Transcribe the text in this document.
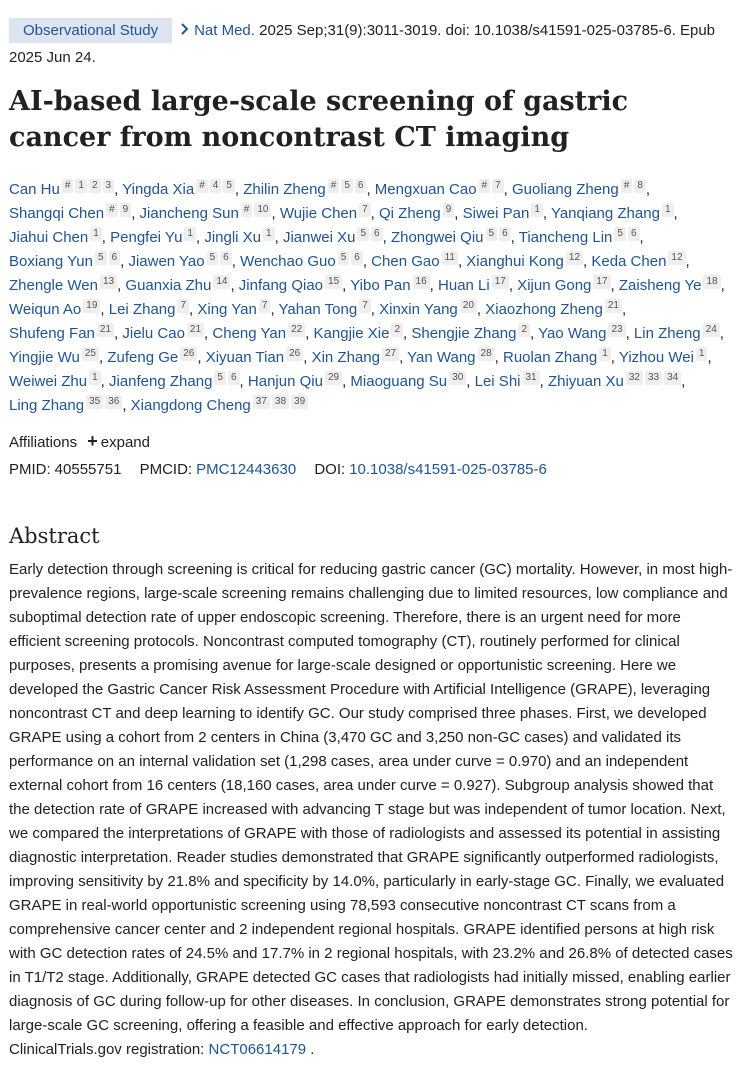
Observational Study Nat Med. 2025 Sep;31(9):3011-3019. doi: 10.1038/s41591-025-03785-6. Epub 2025 Jun 24.
AI-based large-scale screening of gastric cancer from noncontrast CT imaging
Can Hu # 1 2 3 , Yingda Xia # 4 5 , Zhilin Zheng # 5 6 , Mengxuan Cao # 7 , Guoliang Zheng # 8 , Shangqi Chen # 9 , Jiancheng Sun # 10 , Wujie Chen 7 , Qi Zheng 9 , Siwei Pan 1 , Yanqiang Zhang 1 , Jiahui Chen 1 , Pengfei Yu 1 , Jingli Xu 1 , Jianwei Xu 5 6 , Zhongwei Qiu 5 6 , Tiancheng Lin 5 6 , Boxiang Yun 5 6 , Jiawen Yao 5 6 , Wenchao Guo 5 6 , Chen Gao 11 , Xianghui Kong 12 , Keda Chen 12 , Zhengle Wen 13 , Guanxia Zhu 14 , Jinfang Qiao 15 , Yibo Pan 16 , Huan Li 17 , Xijun Gong 17 , Zaisheng Ye 18 , Weiqun Ao 19 , Lei Zhang 7 , Xing Yan 7 , Yahan Tong 7 , Xinxin Yang 20 , Xiaozhong Zheng 21 , Shufeng Fan 21 , Jielu Cao 21 , Cheng Yan 22 , Kangjie Xie 2 , Shengjie Zhang 2 , Yao Wang 23 , Lin Zheng 24 , Yingjie Wu 25 , Zufeng Ge 26 , Xiyuan Tian 26 , Xin Zhang 27 , Yan Wang 28 , Ruolan Zhang 1 , Yizhou Wei 1 , Weiwei Zhu 1 , Jianfeng Zhang 5 6 , Hanjun Qiu 29 , Miaoguang Su 30 , Lei Shi 31 , Zhiyuan Xu 32 33 34 , Ling Zhang 35 36 , Xiangdong Cheng 37 38 39
Affiliations + expand
PMID: 40555751 PMCID: PMC12443630 DOI: 10.1038/s41591-025-03785-6
Abstract

Early detection through screening is critical for reducing gastric cancer (GC) mortality. However, in most high-prevalence regions, large-scale screening remains challenging due to limited resources, low compliance and suboptimal detection rate of upper endoscopic screening. Therefore, there is an urgent need for more efficient screening protocols. Noncontrast computed tomography (CT), routinely performed for clinical purposes, presents a promising avenue for large-scale designed or opportunistic screening. Here we developed the Gastric Cancer Risk Assessment Procedure with Artificial Intelligence (GRAPE), leveraging noncontrast CT and deep learning to identify GC. Our study comprised three phases. First, we developed GRAPE using a cohort from 2 centers in China (3,470 GC and 3,250 non-GC cases) and validated its performance on an internal validation set (1,298 cases, area under curve = 0.970) and an independent external cohort from 16 centers (18,160 cases, area under curve = 0.927). Subgroup analysis showed that the detection rate of GRAPE increased with advancing T stage but was independent of tumor location. Next, we compared the interpretations of GRAPE with those of radiologists and assessed its potential in assisting diagnostic interpretation. Reader studies demonstrated that GRAPE significantly outperformed radiologists, improving sensitivity by 21.8% and specificity by 14.0%, particularly in early-stage GC. Finally, we evaluated GRAPE in real-world opportunistic screening using 78,593 consecutive noncontrast CT scans from a comprehensive cancer center and 2 independent regional hospitals. GRAPE identified persons at high risk with GC detection rates of 24.5% and 17.7% in 2 regional hospitals, with 23.2% and 26.8% of detected cases in T1/T2 stage. Additionally, GRAPE detected GC cases that radiologists had initially missed, enabling earlier diagnosis of GC during follow-up for other diseases. In conclusion, GRAPE demonstrates strong potential for large-scale GC screening, offering a feasible and effective approach for early detection.
ClinicalTrials.gov registration: NCT06614179 .
